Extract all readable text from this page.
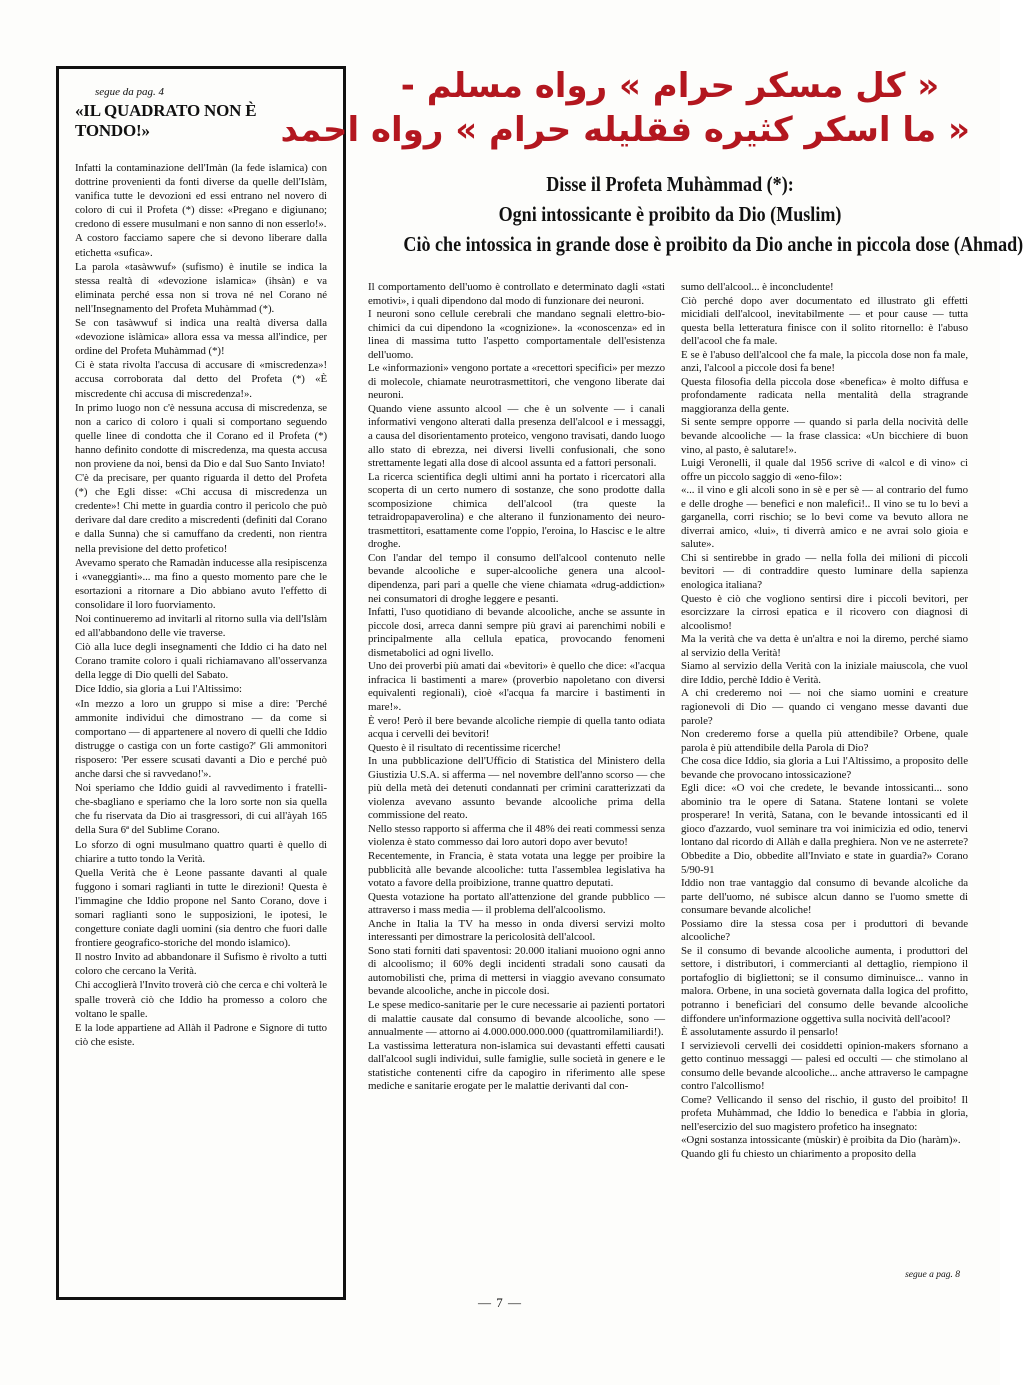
segue da pag. 4
«IL QUADRATO NON È TONDO!»

Infatti la contaminazione dell'Imàn (la fede islamica) con dottrine provenienti da fonti diverse da quelle dell'Islàm, vanifica tutte le devozioni ed essi entrano nel novero di coloro di cui il Profeta (*) disse: «Pregano e digiunano; credono di essere musulmani e non sanno di non esserlo!».

A costoro facciamo sapere che si devono liberare dalla etichetta «sufica».

La parola «tasàwwuf» (sufismo) è inutile se indica la stessa realtà di «devozione islamica» (ihsàn) e va eliminata perché essa non si trova né nel Corano né nell'Insegnamento del Profeta Muhàmmad (*).

Se con tasàwwuf si indica una realtà diversa dalla «devozione islàmica» allora essa va messa all'indice, per ordine del Profeta Muhàmmad (*)!

Ci è stata rivolta l'accusa di accusare di «miscredenza»! accusa corroborata dal detto del Profeta (*) «È miscredente chi accusa di miscredenza!».

In primo luogo non c'è nessuna accusa di miscredenza, se non a carico di coloro i quali si comportano seguendo quelle linee di condotta che il Corano ed il Profeta (*) hanno definito condotte di miscredenza, ma questa accusa non proviene da noi, bensì da Dio e dal Suo Santo Inviato!

C'è da precisare, per quanto riguarda il detto del Profeta (*) che Egli disse: «Chi accusa di miscredenza un credente»! Chi mette in guardia contro il pericolo che può derivare dal dare credito a miscredenti (definiti dal Corano e dalla Sunna) che si camuffano da credenti, non rientra nella previsione del detto profetico!

Avevamo sperato che Ramadàn inducesse alla resipiscenza i «vaneggianti»... ma fino a questo momento pare che le esortazioni a ritornare a Dio abbiano avuto l'effetto di consolidare il loro fuorviamento.

Noi continueremo ad invitarli al ritorno sulla via dell'Islàm ed all'abbandono delle vie traverse.

Ciò alla luce degli insegnamenti che Iddio ci ha dato nel Corano tramite coloro i quali richiamavano all'osservanza della legge di Dio quelli del Sabato.

Dice Iddio, sia gloria a Lui l'Altissimo:

«In mezzo a loro un gruppo si mise a dire: 'Perché ammonite individui che dimostrano — da come si comportano — di appartenere al novero di quelli che Iddio distrugge o castiga con un forte castigo?' Gli ammonitori risposero: 'Per essere scusati davanti a Dio e perché può anche darsi che si ravvedano!'».

Noi speriamo che Iddio guidi al ravvedimento i fratelli-che-sbagliano e speriamo che la loro sorte non sia quella che fu riservata da Dio ai trasgressori, di cui all'àyah 165 della Sura 6ª del Sublime Corano.

Lo sforzo di ogni musulmano quattro quarti è quello di chiarire a tutto tondo la Verità.

Quella Verità che è Leone passante davanti al quale fuggono i somari raglianti in tutte le direzioni! Questa è l'immagine che Iddio propone nel Santo Corano, dove i somari raglianti sono le supposizioni, le ipotesi, le congetture coniate dagli uomini (sia dentro che fuori dalle frontiere geografico-storiche del mondo islamico).

Il nostro Invito ad abbandonare il Sufismo è rivolto a tutti coloro che cercano la Verità.

Chi accoglierà l'Invito troverà ciò che cerca e chi volterà le spalle troverà ciò che Iddio ha promesso a coloro che voltano le spalle.

E la lode appartiene ad Allàh il Padrone e Signore di tutto ciò che esiste.

« كل مسكر حرام » رواه مسلم -
« ما اسكر كثيره فقليله حرام » رواه احمد
Disse il Profeta Muhàmmad (*):
Ogni intossicante è proibito da Dio (Muslim)
Ciò che intossica in grande dose è proibito da Dio anche in piccola dose (Ahmad)

Il comportamento dell'uomo è controllato e determinato dagli «stati emotivi», i quali dipendono dal modo di funzionare dei neuroni.

I neuroni sono cellule cerebrali che mandano segnali elettro-bio-chimici da cui dipendono la «cognizione». la «conoscenza» ed in linea di massima tutto l'aspetto comportamentale dell'esistenza dell'uomo.

Le «informazioni» vengono portate a «recettori specifici» per mezzo di molecole, chiamate neurotrasmettitori, che vengono liberate dai neuroni.

Quando viene assunto alcool — che è un solvente — i canali informativi vengono alterati dalla presenza dell'alcool e i messaggi, a causa del disorientamento proteico, vengono travisati, dando luogo allo stato di ebrezza, nei diversi livelli confusionali, che sono strettamente legati alla dose di alcool assunta ed a fattori personali.

La ricerca scientifica degli ultimi anni ha portato i ricercatori alla scoperta di un certo numero di sostanze, che sono prodotte dalla scomposizione chimica dell'alcool (tra queste la tetraidropapaverolina) e che alterano il funzionamento dei neuro-trasmettitori, esattamente come l'oppio, l'eroina, lo Hascisc e le altre droghe.

Con l'andar del tempo il consumo dell'alcool contenuto nelle bevande alcooliche e super-alcooliche genera una alcool-dipendenza, pari pari a quelle che viene chiamata «drug-addiction» nei consumatori di droghe leggere e pesanti.

Infatti, l'uso quotidiano di bevande alcooliche, anche se assunte in piccole dosi, arreca danni sempre più gravi ai parenchimi nobili e principalmente alla cellula epatica, provocando fenomeni dismetabolici ad ogni livello.

Uno dei proverbi più amati dai «bevitori» è quello che dice: «l'acqua infracica li bastimenti a mare» (proverbio napoletano con diversi equivalenti regionali), cioè «l'acqua fa marcire i bastimenti in mare!».

È vero! Però il bere bevande alcoliche riempie di quella tanto odiata acqua i cervelli dei bevitori!

Questo è il risultato di recentissime ricerche!

In una pubblicazione dell'Ufficio di Statistica del Ministero della Giustizia U.S.A. si afferma — nel novembre dell'anno scorso — che più della metà dei detenuti condannati per crimini caratterizzati da violenza avevano assunto bevande alcooliche prima della commissione del reato.

Nello stesso rapporto si afferma che il 48% dei reati commessi senza violenza è stato commesso dai loro autori dopo aver bevuto!

Recentemente, in Francia, è stata votata una legge per proibire la pubblicità alle bevande alcooliche: tutta l'assemblea legislativa ha votato a favore della proibizione, tranne quattro deputati.

Questa votazione ha portato all'attenzione del grande pubblico — attraverso i mass media — il problema dell'alcoolismo.

Anche in Italia la TV ha messo in onda diversi servizi molto interessanti per dimostrare la pericolosità dell'alcool.

Sono stati forniti dati spaventosi: 20.000 italiani muoiono ogni anno di alcoolismo; il 60% degli incidenti stradali sono causati da automobilisti che, prima di mettersi in viaggio avevano consumato bevande alcooliche, anche in piccole dosi.

Le spese medico-sanitarie per le cure necessarie ai pazienti portatori di malattie causate dal consumo di bevande alcooliche, sono — annualmente — attorno ai 4.000.000.000.000 (quattromilamiliardi!).

La vastissima letteratura non-islamica sui devastanti effetti causati dall'alcool sugli individui, sulle famiglie, sulle società in genere e le statistiche contenenti cifre da capogiro in riferimento alle spese mediche e sanitarie erogate per le malattie derivanti dal con-

sumo dell'alcool... è inconcludente!

Ciò perché dopo aver documentato ed illustrato gli effetti micidiali dell'alcool, inevitabilmente — et pour cause — tutta questa bella letteratura finisce con il solito ritornello: è l'abuso dell'acool che fa male.

E se è l'abuso dell'alcool che fa male, la piccola dose non fa male, anzi, l'alcool a piccole dosi fa bene!

Questa filosofia della piccola dose «benefica» è molto diffusa e profondamente radicata nella mentalità della stragrande maggioranza della gente.

Si sente sempre opporre — quando si parla della nocività delle bevande alcooliche — la frase classica: «Un bicchiere di buon vino, al pasto, è salutare!».

Luigi Veronelli, il quale dal 1956 scrive di «alcol e di vino» ci offre un piccolo saggio di «eno-filo»:

«... il vino e gli alcoli sono in sè e per sè — al contrario del fumo e delle droghe — benefici e non malefici!.. Il vino se tu lo bevi a garganella, corri rischio; se lo bevi come va bevuto allora ne diverrai amico, «lui», ti diverrà amico e ne avrai solo gioia e salute».

Chi si sentirebbe in grado — nella folla dei milioni di piccoli bevitori — di contraddire questo luminare della sapienza enologica italiana?

Questo è ciò che vogliono sentirsi dire i piccoli bevitori, per esorcizzare la cirrosi epatica e il ricovero con diagnosi di alcoolismo!

Ma la verità che va detta è un'altra e noi la diremo, perché siamo al servizio della Verità!

Siamo al servizio della Verità con la iniziale maiuscola, che vuol dire Iddio, perchè Iddio è Verità.

A chi crederemo noi — noi che siamo uomini e creature ragionevoli di Dio — quando ci vengano messe davanti due parole?

Non crederemo forse a quella più attendibile? Orbene, quale parola è più attendibile della Parola di Dio?

Che cosa dice Iddio, sia gloria a Lui l'Altissimo, a proposito delle bevande che provocano intossicazione?

Egli dice: «O voi che credete, le bevande intossicanti... sono abominio tra le opere di Satana. Statene lontani se volete prosperare! In verità, Satana, con le bevande intossicanti ed il gioco d'azzardo, vuol seminare tra voi inimicizia ed odio, tenervi lontano dal ricordo di Allàh e dalla preghiera. Non ve ne asterrete? Obbedite a Dio, obbedite all'Inviato e state in guardia?» Corano 5/90-91

Iddio non trae vantaggio dal consumo di bevande alcoliche da parte dell'uomo, né subisce alcun danno se l'uomo smette di consumare bevande alcoliche!

Possiamo dire la stessa cosa per i produttori di bevande alcooliche?

Se il consumo di bevande alcooliche aumenta, i produttori del settore, i distributori, i commercianti al dettaglio, riempiono il portafoglio di bigliettoni; se il consumo diminuisce... vanno in malora. Orbene, in una società governata dalla logica del profitto, potranno i beneficiari del consumo delle bevande alcooliche diffondere un'informazione oggettiva sulla nocività dell'acool?

È assolutamente assurdo il pensarlo!

I servizievoli cervelli dei cosiddetti opinion-makers sfornano a getto continuo messaggi — palesi ed occulti — che stimolano al consumo delle bevande alcooliche... anche attraverso le campagne contro l'alcollismo!

Come? Vellicando il senso del rischio, il gusto del proibito! Il profeta Muhàmmad, che Iddio lo benedica e l'abbia in gloria, nell'esercizio del suo magistero profetico ha insegnato:

«Ogni sostanza intossicante (mùskir) è proibita da Dio (haràm)».

Quando gli fu chiesto un chiarimento a proposito della

segue a pag. 8
— 7 —
